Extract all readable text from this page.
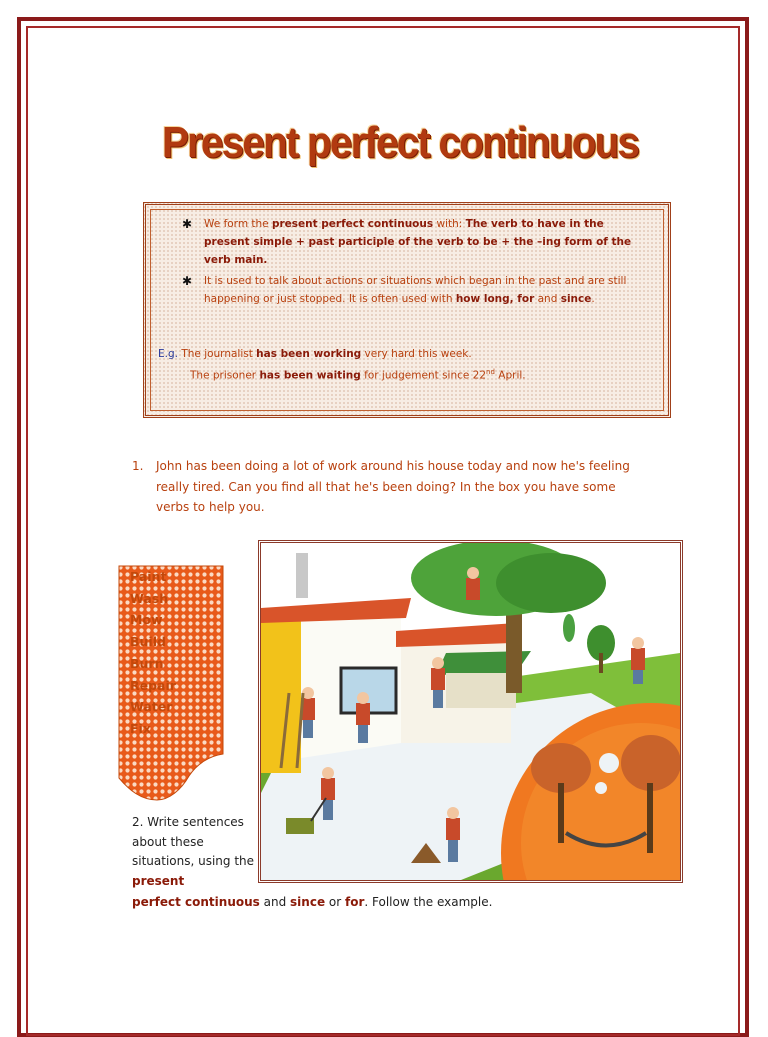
Present perfect continuous
✱ We form the present perfect continuous with: The verb to have in the present simple + past participle of the verb to be + the –ing form of the verb main.
✱ It is used to talk about actions or situations which began in the past and are still happening or just stopped. It is often used with how long, for and since.
E.g. The journalist has been working very hard this week.
The prisoner has been waiting for judgement since 22nd April.
1. John has been doing a lot of work around his house today and now he's feeling really tired. Can you find all that he's been doing? In the box you have some verbs to help you.
Paint
Wash
Mow
Build
Burn
Repair
Water
Fix
2. Write sentences about these situations, using the present
perfect continuous and since or for. Follow the example.
